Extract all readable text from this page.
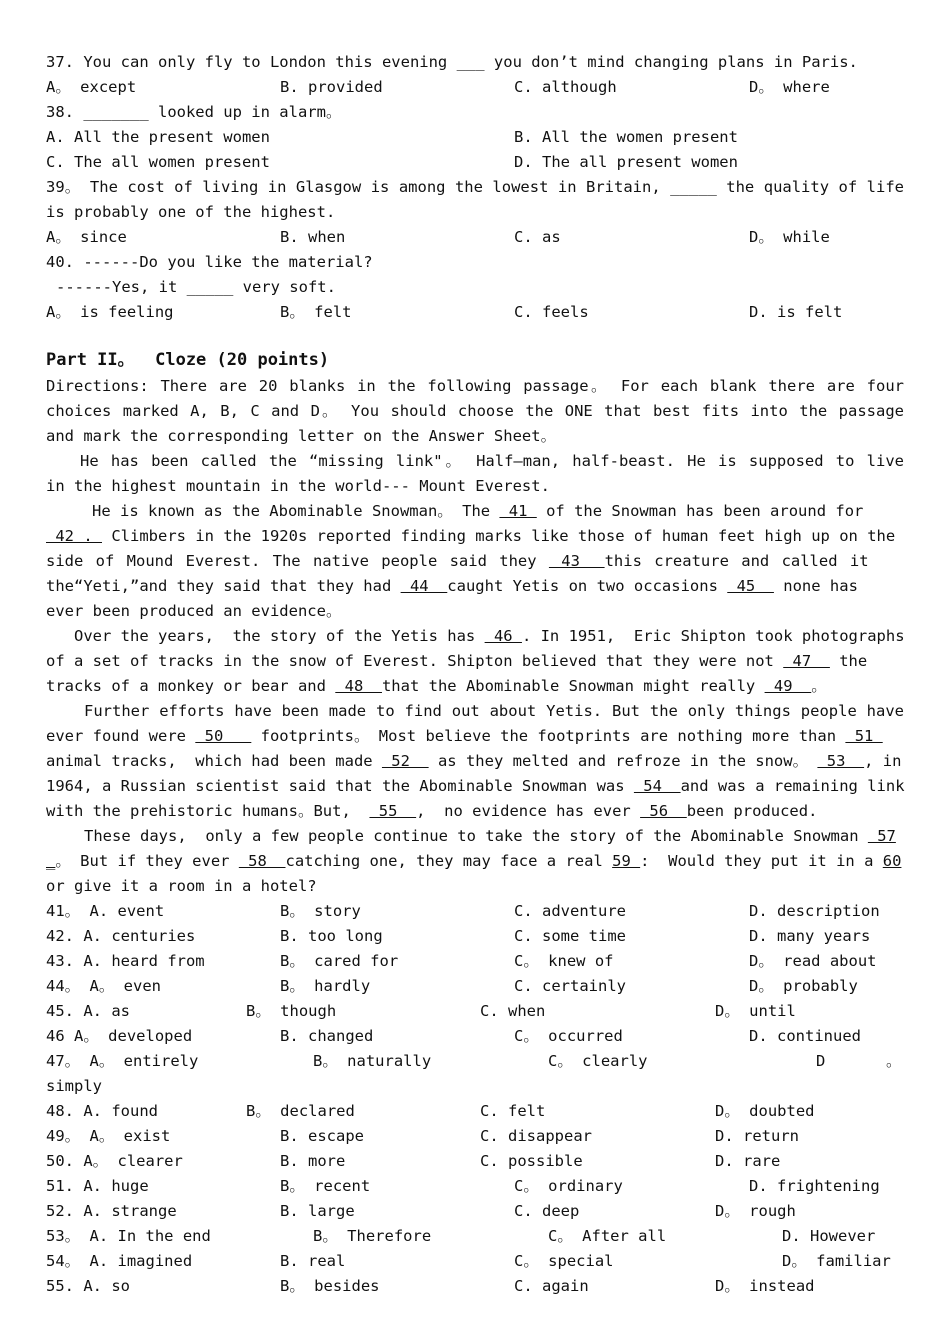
37. You can only fly to London this evening ___ you don’t mind changing plans in Paris.
A。 except	B. provided	C. although	D。 where
38. _______ looked up in alarm。
A. All the present women	B. All the women present
C. The all women present	D. The all present women
39。 The cost of living in Glasgow is among the lowest in Britain, _____ the quality of life
is probably one of the highest.
A。 since	B. when	C. as	D。 while
40. ------Do you like the material?
------Yes, it _____ very soft.
A。 is feeling	B。 felt	C. feels	D. is felt
Part II。  Cloze (20 points)
Directions: There are 20 blanks in the following passage。 For each blank there are four
choices marked A, B, C and D。 You should choose the ONE that best fits into the passage
and mark the corresponding letter on the Answer Sheet。
He has been called the “missing link"。 Half—man, half-beast. He is supposed to live
in the highest mountain in the world--- Mount Everest.
He is known as the Abominable Snowman。 The  41  of the Snowman has been around for
42 .  Climbers in the 1920s reported finding marks like those of human feet high up on the
side of Mound Everest. The native people said they  43  this creature and called it
the“Yeti,”and they said that they had  44  caught Yetis on two occasions  45   none has
ever been produced an evidence。
Over the years,  the story of the Yetis has  46 . In 1951,  Eric Shipton took photographs
of a set of tracks in the snow of Everest. Shipton believed that they were not  47   the
tracks of a monkey or bear and  48  that the Abominable Snowman might really  49  。
Further efforts have been made to find out about Yetis. But the only things people have
ever found were  50    footprints。 Most believe the footprints are nothing more than  51
animal tracks,  which had been made  52   as they melted and refroze in the snow。  53  , in
1964, a Russian scientist said that the Abominable Snowman was  54  and was a remaining link
with the prehistoric humans。But,   55  ,  no evidence has ever  56  been produced.
These days,  only a few people continue to take the story of the Abominable Snowman  57
_。 But if they ever  58  catching one, they may face a real 59 :  Would they put it in a 60
or give it a room in a hotel?
41。 A. event	B。 story	C. adventure	D. description
42. A. centuries	B. too long	C. some time	D. many years
43. A. heard from	B。 cared for	C。 knew of	D。 read about
44。 A。 even	B。 hardly	C. certainly	D。 probably
45. A. as	B。 though	C. when	D。 until
46 A。 developed	B. changed	C。 occurred	D. continued
47。 A。 entirely	B。 naturally	C。 clearly	D	。
simply
48. A. found	B。 declared	C. felt	D。 doubted
49。 A。 exist	B. escape	C. disappear	D. return
50. A。 clearer	B. more	C. possible	D. rare
51. A. huge	B。 recent	C。 ordinary	D. frightening
52. A. strange	B. large	C. deep	D。 rough
53。 A. In the end	B。 Therefore	C。 After all	D. However
54。 A. imagined	B. real	C。 special	D。 familiar
55. A. so	B。 besides	C. again	D。 instead
